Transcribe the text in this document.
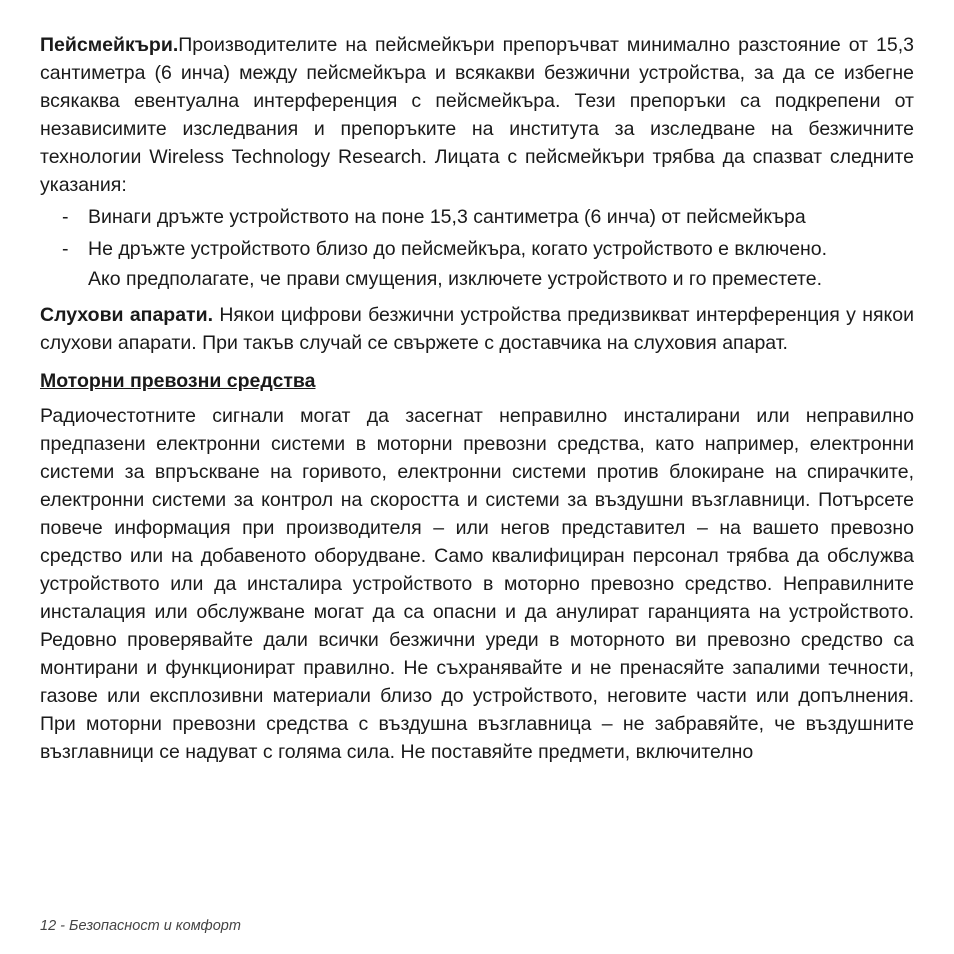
Пейсмейкъри.Производителите на пейсмейкъри препоръчват минимално разстояние от 15,3 сантиметра (6 инча) между пейсмейкъра и всякакви безжични устройства, за да се избегне всякаква евентуална интерференция с пейсмейкъра. Тези препоръки са подкрепени от независимите изследвания и препоръките на института за изследване на безжичните технологии Wireless Technology Research. Лицата с пейсмейкъри трябва да спазват следните указания:

- Винаги дръжте устройството на поне 15,3 сантиметра (6 инча) от пейсмейкъра
- Не дръжте устройството близо до пейсмейкъра, когато устройството е включено.
Ако предполагате, че прави смущения, изключете устройството и го преместете.

Слухови апарати. Някои цифрови безжични устройства предизвикват интерференция у някои слухови апарати. При такъв случай се свържете с доставчика на слуховия апарат.

Моторни превозни средства

Радиочестотните сигнали могат да засегнат неправилно инсталирани или неправилно предпазени електронни системи в моторни превозни средства, като например, електронни системи за впръскване на горивото, електронни системи против блокиране на спирачките, електронни системи за контрол на скоростта и системи за въздушни възглавници. Потърсете повече информация при производителя – или негов представител – на вашето превозно средство или на добавеното оборудване. Само квалифициран персонал трябва да обслужва устройството или да инсталира устройството в моторно превозно средство. Неправилните инсталация или обслужване могат да са опасни и да анулират гаранцията на устройството. Редовно проверявайте дали всички безжични уреди в моторното ви превозно средство са монтирани и функционират правилно. Не съхранявайте и не пренасяйте запалими течности, газове или експлозивни материали близо до устройството, неговите части или допълнения. При моторни превозни средства с въздушна възглавница – не забравяйте, че въздушните възглавници се надуват с голяма сила. Не поставяйте предмети, включително

12 - Безопасност и комфорт
